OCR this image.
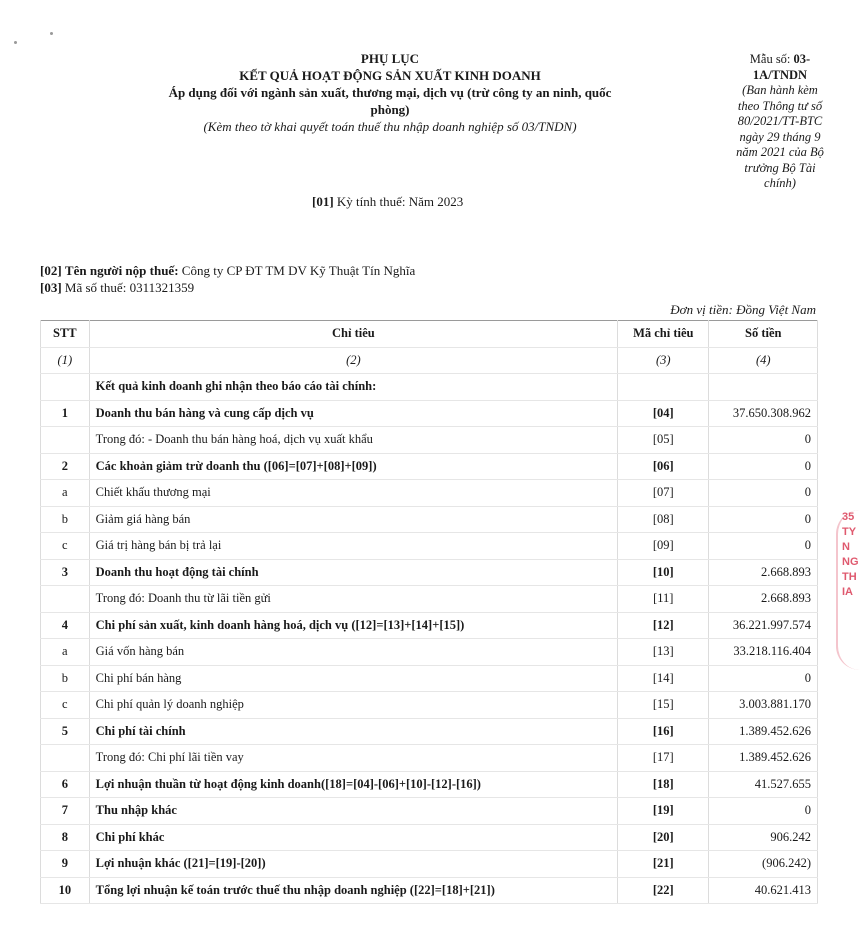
PHỤ LỤC
KẾT QUẢ HOẠT ĐỘNG SẢN XUẤT KINH DOANH
Áp dụng đối với ngành sản xuất, thương mại, dịch vụ (trừ công ty an ninh, quốc phòng)
(Kèm theo tờ khai quyết toán thuế thu nhập doanh nghiệp số 03/TNDN)
[01] Kỳ tính thuế: Năm 2023
Mẫu số: 03-1A/TNDN
(Ban hành kèm theo Thông tư số 80/2021/TT-BTC ngày 29 tháng 9 năm 2021 của Bộ trưởng Bộ Tài chính)
[02] Tên người nộp thuế: Công ty CP ĐT TM DV Kỹ Thuật Tín Nghĩa
[03] Mã số thuế: 0311321359
Đơn vị tiền: Đồng Việt Nam
STT	Chỉ tiêu	Mã chỉ tiêu	Số tiền
(1)	(2)	(3)	(4)
	Kết quả kinh doanh ghi nhận theo báo cáo tài chính:		
1	Doanh thu bán hàng và cung cấp dịch vụ	[04]	37.650.308.962
	Trong đó: - Doanh thu bán hàng hoá, dịch vụ xuất khẩu	[05]	0
2	Các khoản giảm trừ doanh thu ([06]=[07]+[08]+[09])	[06]	0
a	Chiết khấu thương mại	[07]	0
b	Giảm giá hàng bán	[08]	0
c	Giá trị hàng bán bị trả lại	[09]	0
3	Doanh thu hoạt động tài chính	[10]	2.668.893
	Trong đó: Doanh thu từ lãi tiền gửi	[11]	2.668.893
4	Chi phí sản xuất, kinh doanh hàng hoá, dịch vụ ([12]=[13]+[14]+[15])	[12]	36.221.997.574
a	Giá vốn hàng bán	[13]	33.218.116.404
b	Chi phí bán hàng	[14]	0
c	Chi phí quản lý doanh nghiệp	[15]	3.003.881.170
5	Chi phí tài chính	[16]	1.389.452.626
	Trong đó: Chi phí lãi tiền vay	[17]	1.389.452.626
6	Lợi nhuận thuần từ hoạt động kinh doanh([18]=[04]-[06]+[10]-[12]-[16])	[18]	41.527.655
7	Thu nhập khác	[19]	0
8	Chi phí khác	[20]	906.242
9	Lợi nhuận khác ([21]=[19]-[20])	[21]	(906.242)
10	Tổng lợi nhuận kế toán trước thuế thu nhập doanh nghiệp ([22]=[18]+[21])	[22]	40.621.413
35
TY
N
NG
TH
IA
